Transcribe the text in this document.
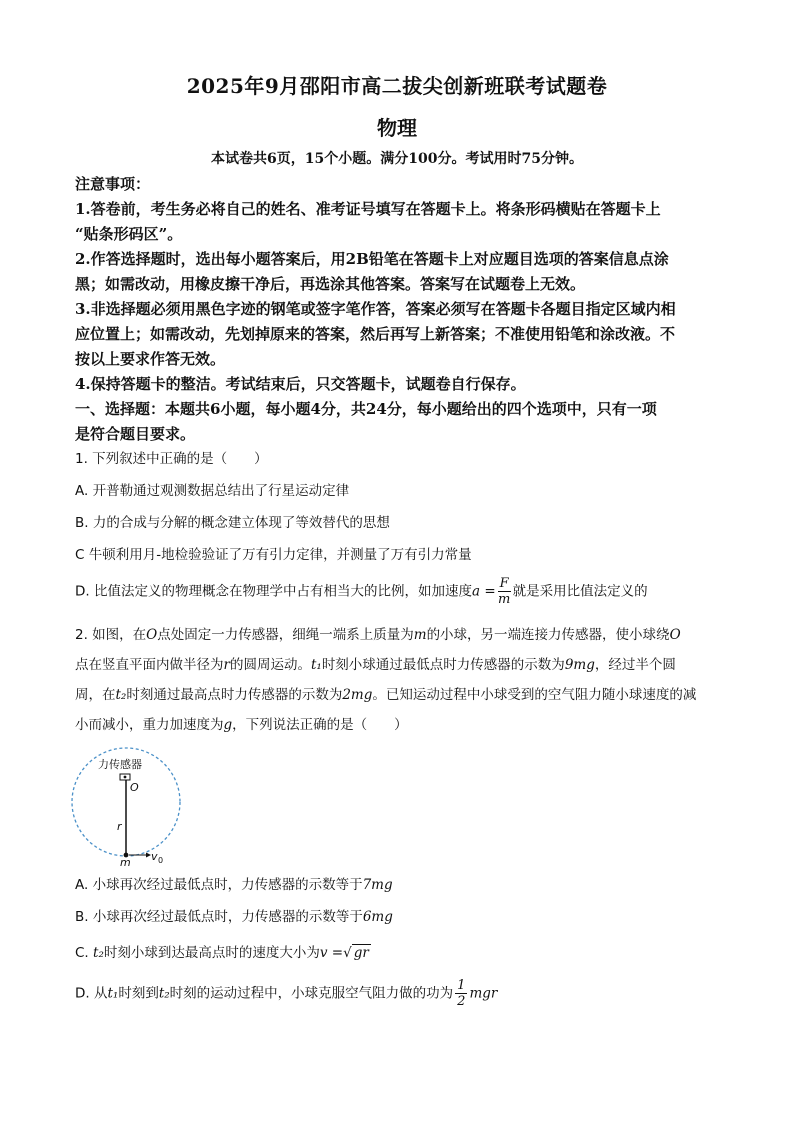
2025年9月邵阳市高二拔尖创新班联考试题卷
物理
本试卷共6页，15个小题。满分100分。考试用时75分钟。
注意事项：
1.答卷前，考生务必将自己的姓名、准考证号填写在答题卡上。将条形码横贴在答题卡上
“贴条形码区”。
2.作答选择题时，选出每小题答案后，用2B铅笔在答题卡上对应题目选项的答案信息点涂
黑；如需改动，用橡皮擦干净后，再选涂其他答案。答案写在试题卷上无效。
3.非选择题必须用黑色字迹的钢笔或签字笔作答，答案必须写在答题卡各题目指定区域内相
应位置上；如需改动，先划掉原来的答案，然后再写上新答案；不准使用铅笔和涂改液。不
按以上要求作答无效。
4.保持答题卡的整洁。考试结束后，只交答题卡，试题卷自行保存。
一、选择题：本题共6小题，每小题4分，共24分，每小题给出的四个选项中，只有一项
是符合题目要求。
1. 下列叙述中正确的是（　　）
A. 开普勒通过观测数据总结出了行星运动定律
B. 力的合成与分解的概念建立体现了等效替代的思想
C 牛顿利用月-地检验验证了万有引力定律，并测量了万有引力常量
D. 比值法定义的物理概念在物理学中占有相当大的比例，如加速度$a = \frac{F}{m}$ 就是采用比值法定义的
2. 如图，在O点处固定一力传感器，细绳一端系上质量为m的小球，另一端连接力传感器，使小球绕O
点在竖直平面内做半径为r的圆周运动。t₁时刻小球通过最低点时力传感器的示数为9mg，经过半个圆
周，在t₂时刻通过最高点时力传感器的示数为2mg。已知运动过程中小球受到的空气阻力随小球速度的减
小而减小，重力加速度为g，下列说法正确的是（　　）
力传感器
O
r
m v 0
A. 小球再次经过最低点时，力传感器的示数等于7mg
B. 小球再次经过最低点时，力传感器的示数等于6mg
C. t₂时刻小球到达最高点时的速度大小为v =√ gr
D. 从t₁时刻到t₂时刻的运动过程中，小球克服空气阻力做的功为 $\frac{1}{2}$ mgr
